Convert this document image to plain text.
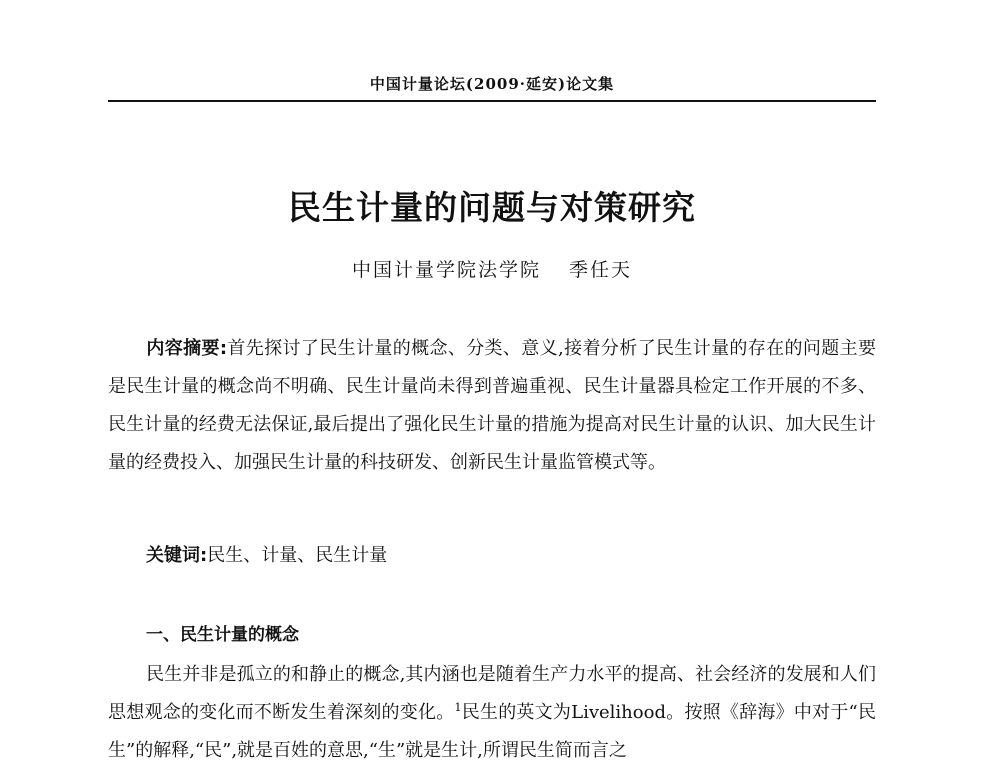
中国计量论坛(2009·延安)论文集
民生计量的问题与对策研究
中国计量学院法学院 季任天
内容摘要:首先探讨了民生计量的概念、分类、意义,接着分析了民生计量的存在的问题主要是民生计量的概念尚不明确、民生计量尚未得到普遍重视、民生计量器具检定工作开展的不多、民生计量的经费无法保证,最后提出了强化民生计量的措施为提高对民生计量的认识、加大民生计量的经费投入、加强民生计量的科技研发、创新民生计量监管模式等。
关键词:民生、计量、民生计量
一、民生计量的概念
民生并非是孤立的和静止的概念,其内涵也是随着生产力水平的提高、社会经济的发展和人们思想观念的变化而不断发生着深刻的变化。$^1$民生的英文为Livelihood。按照《辞海》中对于“民生”的解释,“民”,就是百姓的意思,“生”就是生计,所谓民生简而言之
